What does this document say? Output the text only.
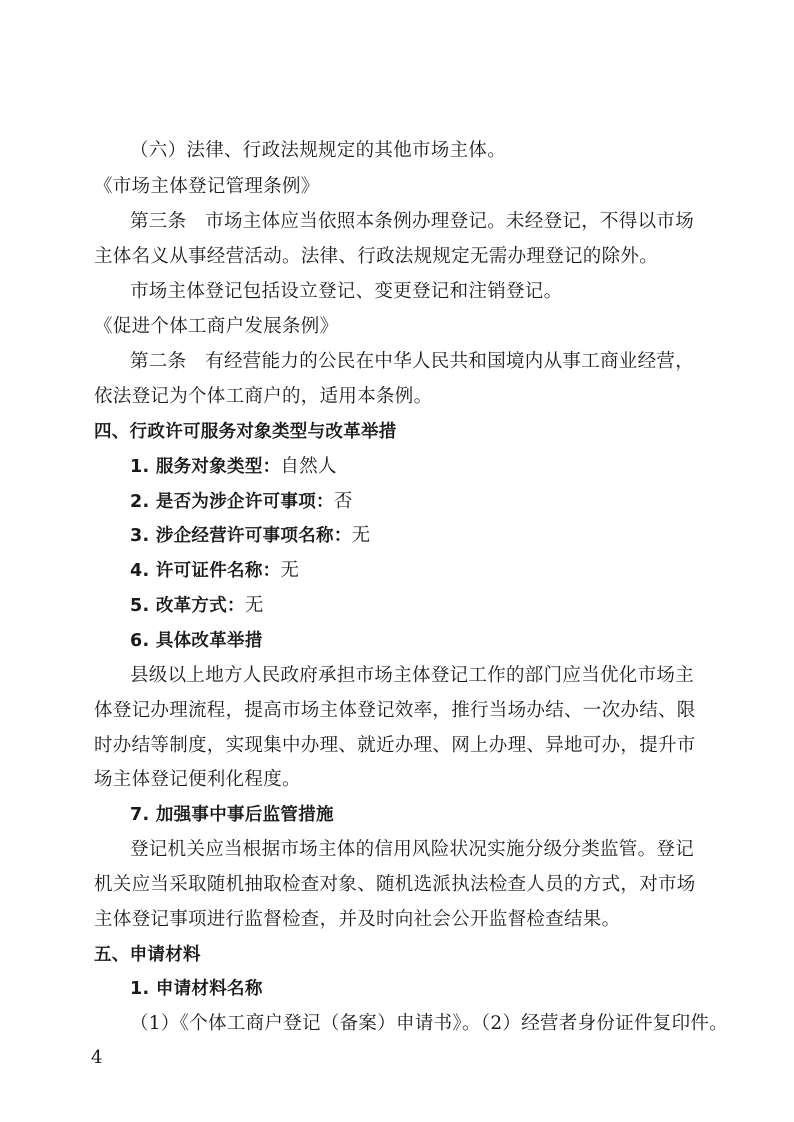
（六）法律、行政法规规定的其他市场主体。
《市场主体登记管理条例》
第三条　市场主体应当依照本条例办理登记。未经登记，不得以市场
主体名义从事经营活动。法律、行政法规规定无需办理登记的除外。
市场主体登记包括设立登记、变更登记和注销登记。
《促进个体工商户发展条例》
第二条　有经营能力的公民在中华人民共和国境内从事工商业经营，
依法登记为个体工商户的，适用本条例。
四、行政许可服务对象类型与改革举措
1. 服务对象类型：自然人
2. 是否为涉企许可事项：否
3. 涉企经营许可事项名称：无
4. 许可证件名称：无
5. 改革方式：无
6. 具体改革举措
县级以上地方人民政府承担市场主体登记工作的部门应当优化市场主
体登记办理流程，提高市场主体登记效率，推行当场办结、一次办结、限
时办结等制度，实现集中办理、就近办理、网上办理、异地可办，提升市
场主体登记便利化程度。
7. 加强事中事后监管措施
登记机关应当根据市场主体的信用风险状况实施分级分类监管。登记
机关应当采取随机抽取检查对象、随机选派执法检查人员的方式，对市场
主体登记事项进行监督检查，并及时向社会公开监督检查结果。
五、申请材料
1. 申请材料名称
（1）《个体工商户登记（备案）申请书》。（2）经营者身份证件复印件。
4
